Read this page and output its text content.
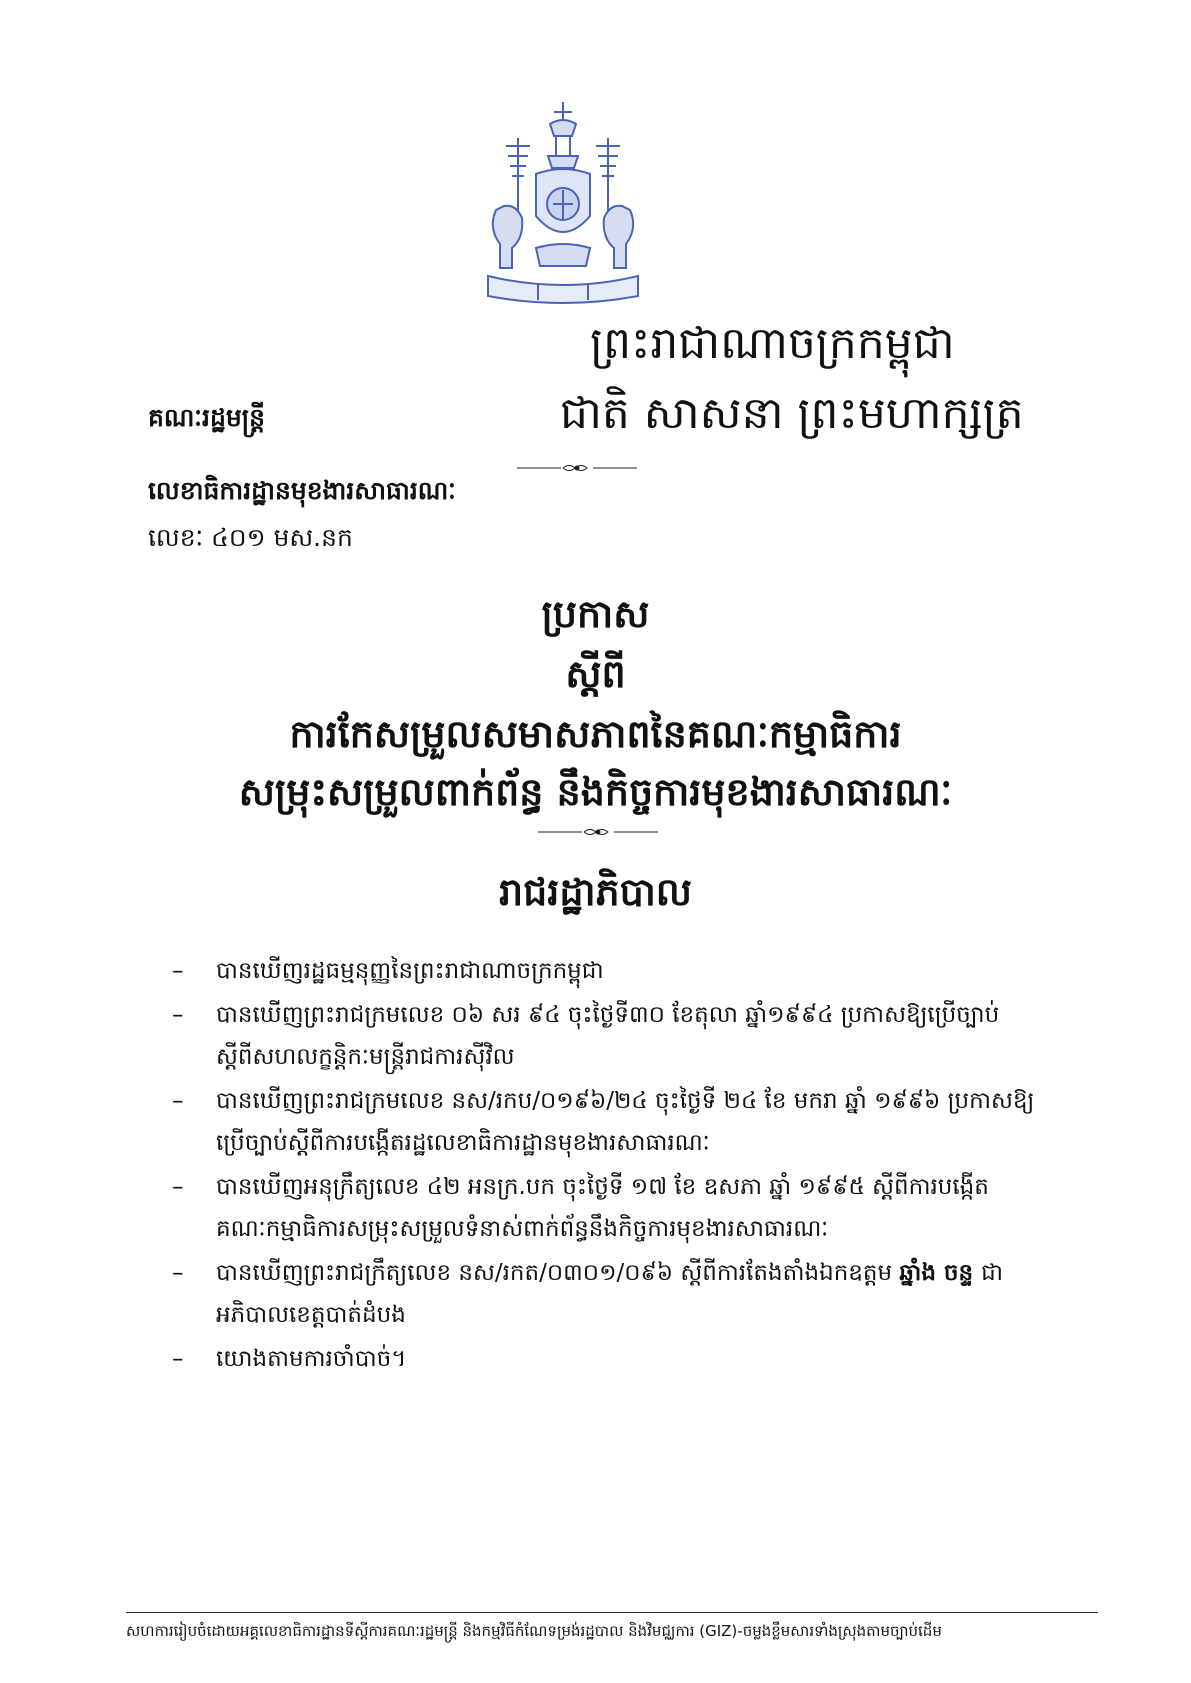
ព្រះរាជាណាចក្រកម្ពុជា
គណៈរដ្ឋមន្ត្រី	ជាតិ សាសនា ព្រះមហាក្សត្រ
លេខាធិការដ្ឋានមុខងារសាធារណៈ
លេខៈ ៤០១ មស.នក
ប្រកាស
ស្ដីពី
ការកែសម្រួលសមាសភាពនៃគណៈកម្មាធិការ
សម្រុះសម្រួលពាក់ព័ន្ធ នឹងកិច្ចការមុខងារសាធារណៈ
រាជរដ្ឋាភិបាល
– បានឃើញរដ្ឋធម្មនុញ្ញនៃព្រះរាជាណាចក្រកម្ពុជា
– បានឃើញព្រះរាជក្រមលេខ ០៦ សរ ៩៤ ចុះថ្ងៃទី៣០ ខែតុលា ឆ្នាំ១៩៩៤ ប្រកាសឱ្យប្រើច្បាប់ស្ដីពីសហលក្ខន្តិកៈមន្ត្រីរាជការស៊ីវិល
– បានឃើញព្រះរាជក្រមលេខ នស/រកប/០១៩៦/២៤ ចុះថ្ងៃទី ២៤ ខែ មករា ឆ្នាំ ១៩៩៦ ប្រកាសឱ្យប្រើច្បាប់ស្ដីពីការបង្កើតរដ្ឋលេខាធិការដ្ឋានមុខងារសាធារណៈ
– បានឃើញអនុក្រឹត្យលេខ ៤២ អនក្រ.បក ចុះថ្ងៃទី ១៧ ខែ ឧសភា ឆ្នាំ ១៩៩៥ ស្ដីពីការបង្កើតគណៈកម្មាធិការសម្រុះសម្រួលទំនាស់ពាក់ព័ន្ធនឹងកិច្ចការមុខងារសាធារណៈ
– បានឃើញព្រះរាជក្រឹត្យលេខ នស/រកត/០៣០១/០៩៦ ស្ដីពីការតែងតាំងឯកឧត្តម ឆ្នាំង ចន្ទ ជាអភិបាលខេត្តបាត់ដំបង
– យោងតាមការចាំបាច់។
សហការរៀបចំដោយអគ្គលេខាធិការដ្ឋានទីស្ដីការគណៈរដ្ឋមន្ត្រី និងកម្មវិធីកំណែទម្រង់រដ្ឋបាល និងវិមជ្ឈការ (GIZ)-ចម្លងខ្លឹមសារទាំងស្រុងតាមច្បាប់ដើម
